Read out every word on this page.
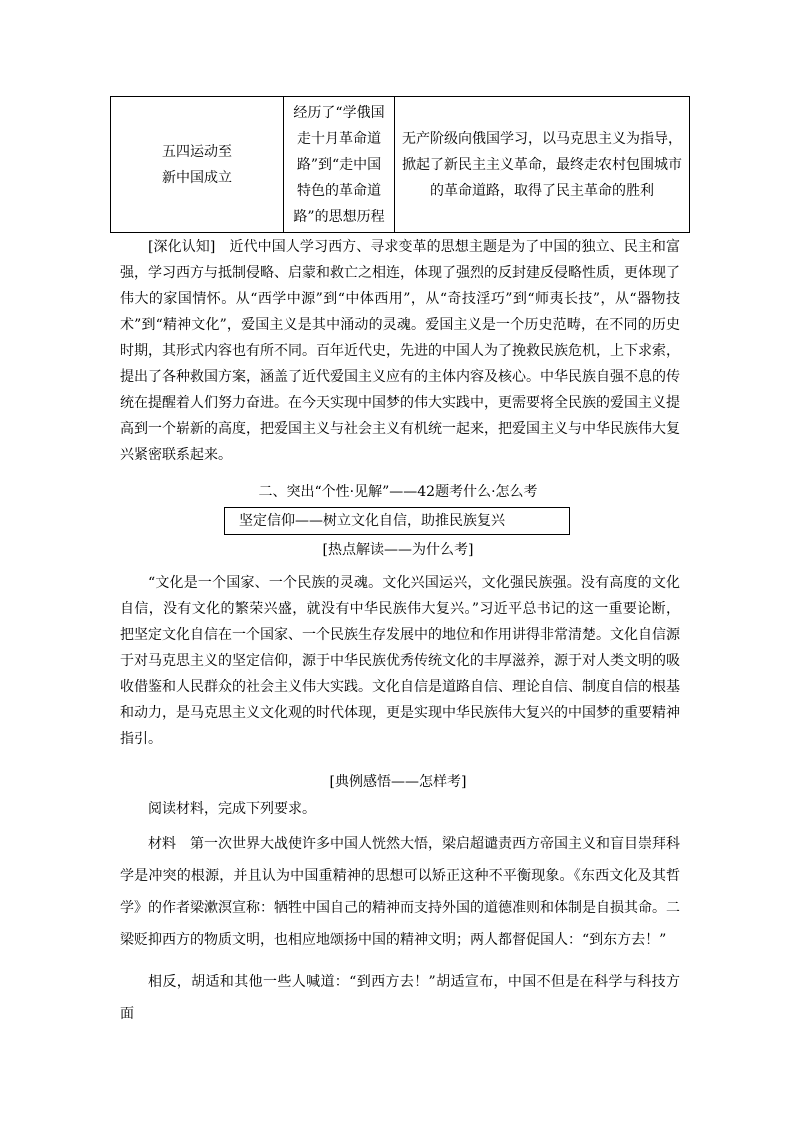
五四运动至
新中国成立	经历了“学俄国
走十月革命道
路”到“走中国
特色的革命道
路”的思想历程	无产阶级向俄国学习，以马克思主义为指导，
掀起了新民主主义革命，最终走农村包围城市
的革命道路，取得了民主革命的胜利

[深化认知]　 近代中国人学习西方、寻求变革的思想主题是为了中国的独立、民主和富强，学习西方与抵制侵略、启蒙和救亡之相连，体现了强烈的反封建反侵略性质，更体现了伟大的家国情怀。从“西学中源”到“中体西用”，从“奇技淫巧”到“师夷长技”，从“器物技术”到“精神文化”，爱国主义是其中涌动的灵魂。爱国主义是一个历史范畴，在不同的历史时期，其形式内容也有所不同。百年近代史，先进的中国人为了挽救民族危机，上下求索，提出了各种救国方案，涵盖了近代爱国主义应有的主体内容及核心。中华民族自强不息的传统在提醒着人们努力奋进。在今天实现中国梦的伟大实践中，更需要将全民族的爱国主义提高到一个崭新的高度，把爱国主义与社会主义有机统一起来，把爱国主义与中华民族伟大复兴紧密联系起来。

二、突出“个性·见解”——42题考什么·怎么考

坚定信仰——树立文化自信，助推民族复兴

[热点解读——为什么考]

“文化是一个国家、一个民族的灵魂。文化兴国运兴，文化强民族强。没有高度的文化自信，没有文化的繁荣兴盛，就没有中华民族伟大复兴。”习近平总书记的这一重要论断，把坚定文化自信在一个国家、一个民族生存发展中的地位和作用讲得非常清楚。文化自信源于对马克思主义的坚定信仰，源于中华民族优秀传统文化的丰厚滋养，源于对人类文明的吸收借鉴和人民群众的社会主义伟大实践。文化自信是道路自信、理论自信、制度自信的根基和动力，是马克思主义文化观的时代体现，更是实现中华民族伟大复兴的中国梦的重要精神指引。

[典例感悟——怎样考]

阅读材料，完成下列要求。

材料　 第一次世界大战使许多中国人恍然大悟，梁启超谴责西方帝国主义和盲目崇拜科学是冲突的根源，并且认为中国重精神的思想可以矫正这种不平衡现象。《东西文化及其哲学》的作者梁漱溟宣称：牺牲中国自己的精神而支持外国的道德准则和体制是自损其命。二梁贬抑西方的物质文明，也相应地颂扬中国的精神文明；两人都督促国人：“到东方去！”

相反，胡适和其他一些人喊道：“到西方去！”胡适宣布，中国不但是在科学与科技方面
